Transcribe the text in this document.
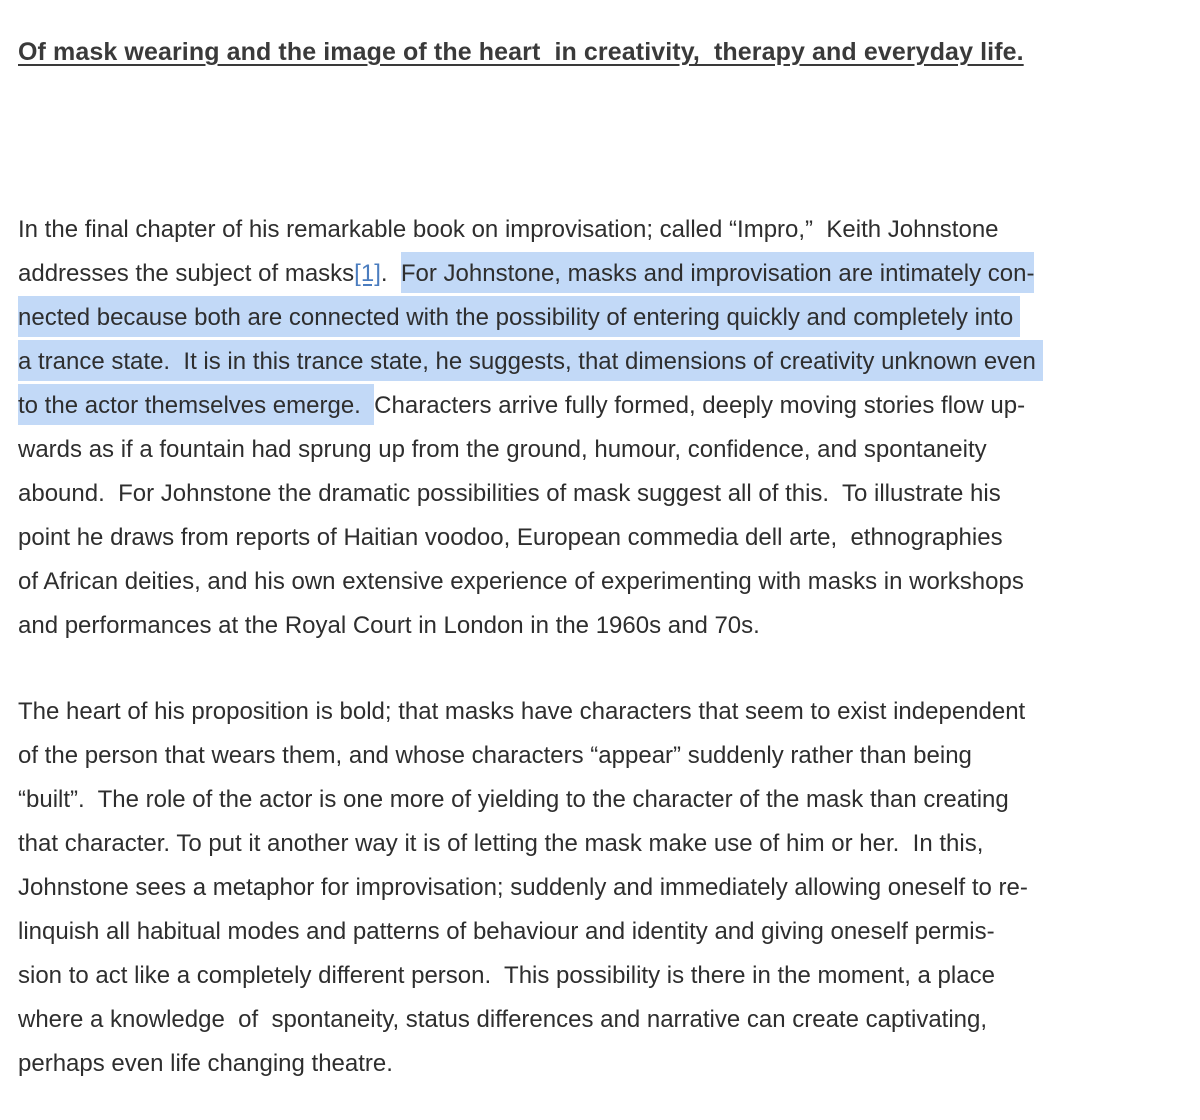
Of mask wearing and the image of the heart  in creativity,  therapy and everyday life.
In the final chapter of his remarkable book on improvisation; called “Impro,”  Keith Johnstone
addresses the subject of masks[1].  For Johnstone, masks and improvisation are intimately con-
nected because both are connected with the possibility of entering quickly and completely into
a trance state.  It is in this trance state, he suggests, that dimensions of creativity unknown even
to the actor themselves emerge.  Characters arrive fully formed, deeply moving stories flow up-
wards as if a fountain had sprung up from the ground, humour, confidence, and spontaneity
abound.  For Johnstone the dramatic possibilities of mask suggest all of this.  To illustrate his
point he draws from reports of Haitian voodoo, European commedia dell arte,  ethnographies
of African deities, and his own extensive experience of experimenting with masks in workshops
and performances at the Royal Court in London in the 1960s and 70s.
The heart of his proposition is bold; that masks have characters that seem to exist independent
of the person that wears them, and whose characters “appear” suddenly rather than being
“built”.  The role of the actor is one more of yielding to the character of the mask than creating
that character. To put it another way it is of letting the mask make use of him or her.  In this,
Johnstone sees a metaphor for improvisation; suddenly and immediately allowing oneself to re-
linquish all habitual modes and patterns of behaviour and identity and giving oneself permis-
sion to act like a completely different person.  This possibility is there in the moment, a place
where a knowledge  of  spontaneity, status differences and narrative can create captivating,
perhaps even life changing theatre.
